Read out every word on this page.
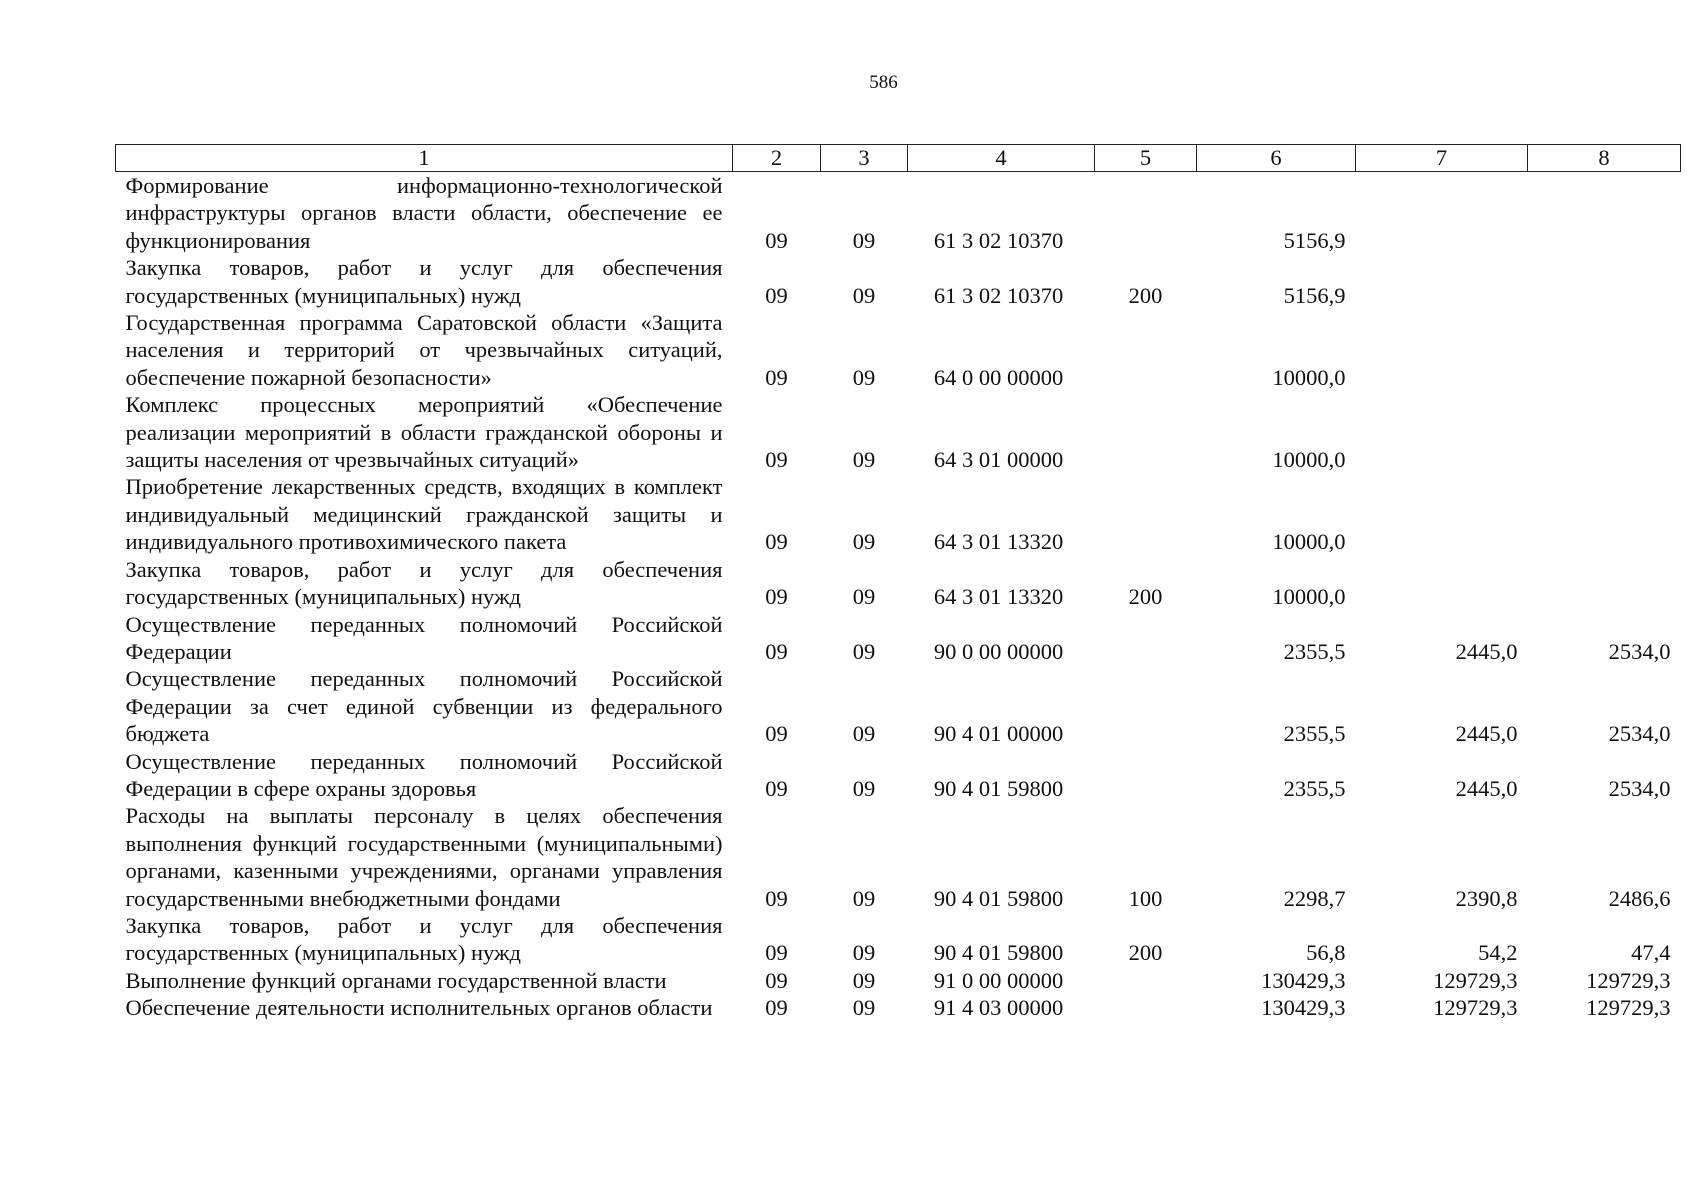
586
1	2	3	4	5	6	7	8
Формирование информационно-технологической инфраструктуры органов власти области, обеспечение ее функционирования	09	09	61 3 02 10370		5156,9		
Закупка товаров, работ и услуг для обеспечения государственных (муниципальных) нужд	09	09	61 3 02 10370	200	5156,9		
Государственная программа Саратовской области «Защита населения и территорий от чрезвычайных ситуаций, обеспечение пожарной безопасности»	09	09	64 0 00 00000		10000,0		
Комплекс процессных мероприятий «Обеспечение реализации мероприятий в области гражданской обороны и защиты населения от чрезвычайных ситуаций»	09	09	64 3 01 00000		10000,0		
Приобретение лекарственных средств, входящих в комплект индивидуальный медицинский гражданской защиты и индивидуального противохимического пакета	09	09	64 3 01 13320		10000,0		
Закупка товаров, работ и услуг для обеспечения государственных (муниципальных) нужд	09	09	64 3 01 13320	200	10000,0		
Осуществление переданных полномочий Российской Федерации	09	09	90 0 00 00000		2355,5	2445,0	2534,0
Осуществление переданных полномочий Российской Федерации за счет единой субвенции из федерального бюджета	09	09	90 4 01 00000		2355,5	2445,0	2534,0
Осуществление переданных полномочий Российской Федерации в сфере охраны здоровья	09	09	90 4 01 59800		2355,5	2445,0	2534,0
Расходы на выплаты персоналу в целях обеспечения выполнения функций государственными (муниципальными) органами, казенными учреждениями, органами управления государственными внебюджетными фондами	09	09	90 4 01 59800	100	2298,7	2390,8	2486,6
Закупка товаров, работ и услуг для обеспечения государственных (муниципальных) нужд	09	09	90 4 01 59800	200	56,8	54,2	47,4
Выполнение функций органами государственной власти	09	09	91 0 00 00000		130429,3	129729,3	129729,3
Обеспечение деятельности исполнительных органов области	09	09	91 4 03 00000		130429,3	129729,3	129729,3
